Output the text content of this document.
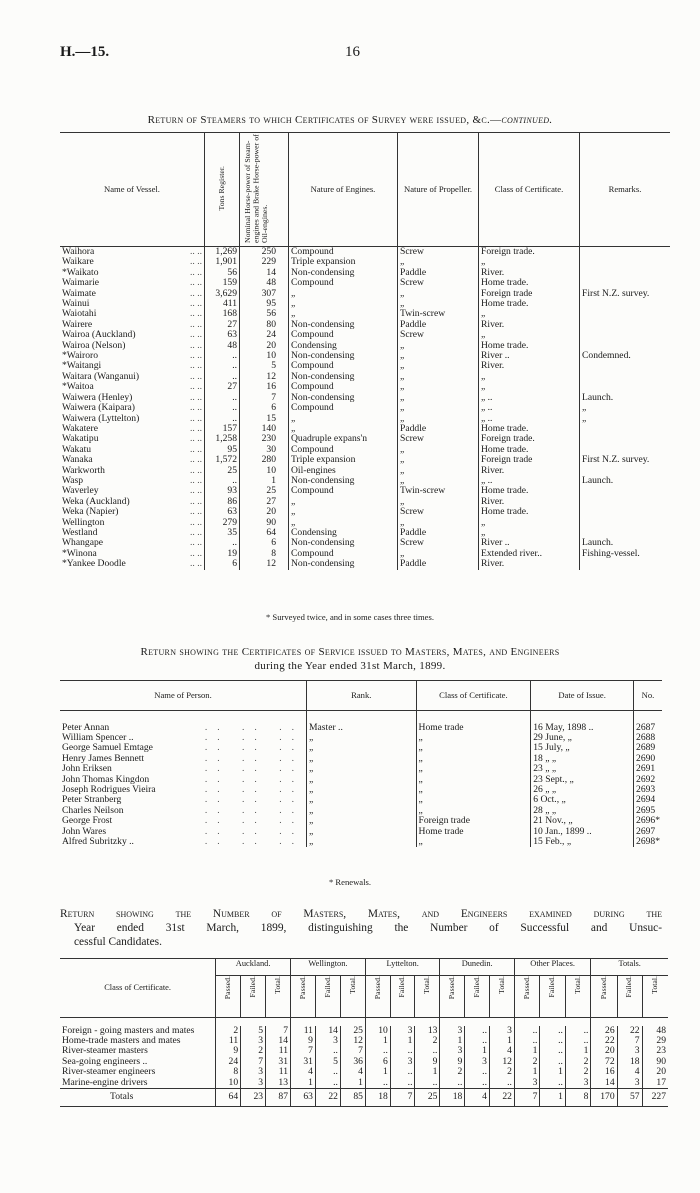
H.—15.	16
Return of Steamers to which Certificates of Survey were issued, &c.—continued.
Name of Vessel.	Tons Register.	Nominal Horse-power of Steam-engines and Brake Horse-power of Oil-engines.	Nature of Engines.	Nature of Propeller.	Class of Certificate.	Remarks.
Waihora .. ..	1,269	250	Compound	Screw	Foreign trade.	
Waikare .. ..	1,901	229	Triple expansion	„	„	
*Waikato .. ..	56	14	Non-condensing	Paddle	River.	
Waimarie .. ..	159	48	Compound	Screw	Home trade.	
Waimate .. ..	3,629	307	„	„	Foreign trade	First N.Z. survey.
Wainui .. ..	411	95	„	„	Home trade.	
Waiotahi .. ..	168	56	„	Twin-screw	„	
Wairere .. ..	27	80	Non-condensing	Paddle	River.	
Wairoa (Auckland) .. ..	63	24	Compound	Screw	„	
Wairoa (Nelson) .. ..	48	20	Condensing	„	Home trade.	
*Wairoro .. ..	..	10	Non-condensing	„	River ..	Condemned.
*Waitangi .. ..	..	5	Compound	„	River.	
Waitara (Wanganui) .. ..	..	12	Non-condensing	„	„	
*Waitoa .. ..	27	16	Compound	„	„	
Waiwera (Henley) .. ..	..	7	Non-condensing	„	„ ..	Launch.
Waiwera (Kaipara) .. ..	..	6	Compound	„	„ ..	„
Waiwera (Lyttelton) .. ..	..	15	„	„	„ ..	„
Wakatere .. ..	157	140	„	Paddle	Home trade.	
Wakatipu .. ..	1,258	230	Quadruple expans'n	Screw	Foreign trade.	
Wakatu .. ..	95	30	Compound	„	Home trade.	
Wanaka .. ..	1,572	280	Triple expansion	„	Foreign trade	First N.Z. survey.
Warkworth .. ..	25	10	Oil-engines	„	River.	
Wasp .. ..	..	1	Non-condensing	„	„ ..	Launch.
Waverley .. ..	93	25	Compound	Twin-screw	Home trade.	
Weka (Auckland) .. ..	86	27	„	„	River.	
Weka (Napier) .. ..	63	20	„	Screw	Home trade.	
Wellington .. ..	279	90	„	„	„	
Westland .. ..	35	64	Condensing	Paddle	„	
Whangape .. ..	..	6	Non-condensing	Screw	River ..	Launch.
*Winona .. ..	19	8	Compound	„	Extended river..	Fishing-vessel.
*Yankee Doodle .. ..	6	12	Non-condensing	Paddle	River.	
* Surveyed twice, and in some cases three times.
Return showing the Certificates of Service issued to Masters, Mates, and Engineers
during the Year ended 31st March, 1899.
Name of Person.	Rank.	Class of Certificate.	Date of Issue.	No.

Peter Annan .. .. ..	Master ..	Home trade	16 May, 1898 ..	2687
William Spencer .. .. .. ..	„	„	29 June, „	2688
George Samuel Emtage .. .. ..	„	„	15 July, „	2689
Henry James Bennett .. .. ..	„	„	18 „ „	2690
John Eriksen .. .. ..	„	„	23 „ „	2691
John Thomas Kingdon .. .. ..	„	„	23 Sept., „	2692
Joseph Rodrigues Vieira .. .. ..	„	„	26 „ „	2693
Peter Stranberg .. .. ..	„	„	6 Oct., „	2694
Charles Neilson .. .. ..	„	„	28 „ „	2695
George Frost .. .. ..	„	Foreign trade	21 Nov., „	2696*
John Wares .. .. ..	„	Home trade	10 Jan., 1899 ..	2697
Alfred Subritzky .. .. .. ..	„	„	15 Feb., „	2698*
* Renewals.
Return showing the Number of Masters, Mates, and Engineers examined during the
Year ended 31st March, 1899, distinguishing the Number of Successful and Unsuc-
cessful Candidates.
Class of Certificate.	Auckland.			Wellington.			Lyttelton.			Dunedin.			Other Places.			Totals.		
	Passed.	Failed.	Total.	Passed.	Failed.	Total.	Passed.	Failed.	Total.	Passed.	Failed.	Total.	Passed.	Failed.	Total.	Passed.	Failed.	Total.

Foreign - going masters and mates	2	5	7	11	14	25	10	3	13	3	..	3	..	..	..	26	22	48
Home-trade masters and mates	11	3	14	9	3	12	1	1	2	1	..	1	..	..	..	22	7	29
River-steamer masters	9	2	11	7	..	7	..	..	..	3	1	4	1	..	1	20	3	23
Sea-going engineers ..	24	7	31	31	5	36	6	3	9	9	3	12	2	..	2	72	18	90
River-steamer engineers	8	3	11	4	..	4	1	..	1	2	..	2	1	1	2	16	4	20
Marine-engine drivers	10	3	13	1	..	1	..	..	..	..	..	..	3	..	3	14	3	17
Totals	64	23	87	63	22	85	18	7	25	18	4	22	7	1	8	170	57	227
